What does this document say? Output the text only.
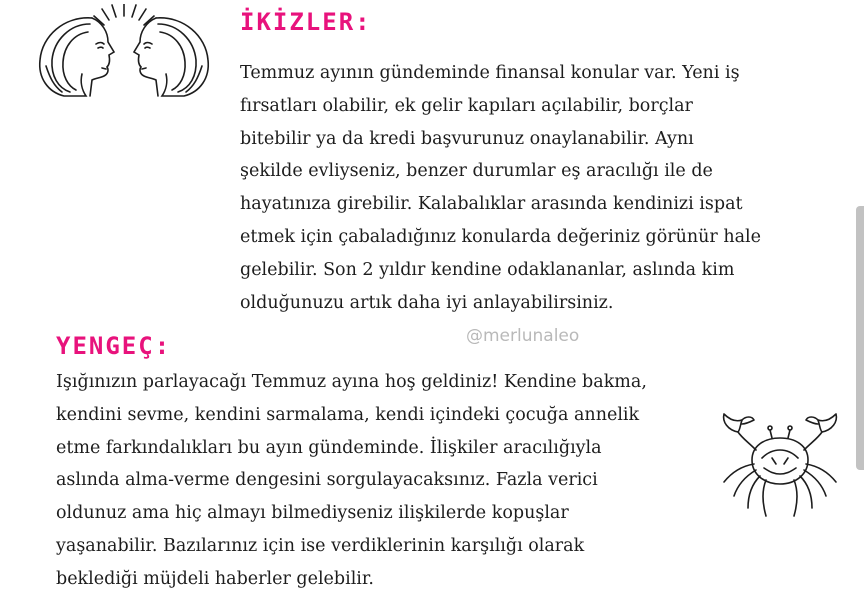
İKİZLER:
Temmuz ayının gündeminde finansal konular var. Yeni iş
fırsatları olabilir, ek gelir kapıları açılabilir, borçlar
bitebilir ya da kredi başvurunuz onaylanabilir. Aynı
şekilde evliyseniz, benzer durumlar eş aracılığı ile de
hayatınıza girebilir. Kalabalıklar arasında kendinizi ispat
etmek için çabaladığınız konularda değeriniz görünür hale
gelebilir. Son 2 yıldır kendine odaklananlar, aslında kim
olduğunuzu artık daha iyi anlayabilirsiniz.
@merlunaleo
YENGEÇ:
Işığınızın parlayacağı Temmuz ayına hoş geldiniz! Kendine bakma,
kendini sevme, kendini sarmalama, kendi içindeki çocuğa annelik
etme farkındalıkları bu ayın gündeminde. İlişkiler aracılığıyla
aslında alma-verme dengesini sorgulayacaksınız. Fazla verici
oldunuz ama hiç almayı bilmediyseniz ilişkilerde kopuşlar
yaşanabilir. Bazılarınız için ise verdiklerinin karşılığı olarak
beklediği müjdeli haberler gelebilir.
